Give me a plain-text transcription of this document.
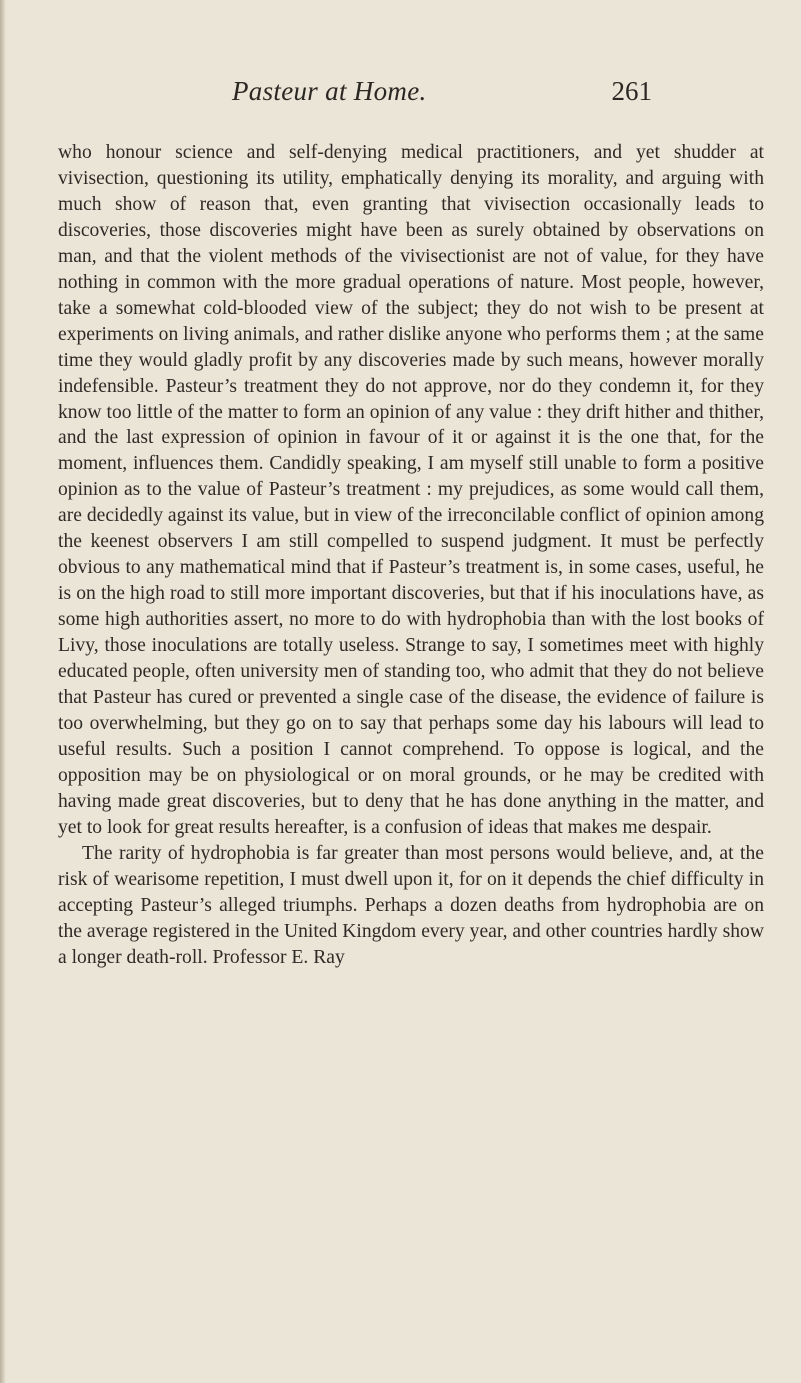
Pasteur at Home.	261

who honour science and self-denying medical practitioners, and yet shudder at vivisection, questioning its utility, emphatically denying its morality, and arguing with much show of reason that, even granting that vivisection occasionally leads to discoveries, those discoveries might have been as surely obtained by observations on man, and that the violent methods of the vivisectionist are not of value, for they have nothing in common with the more gradual operations of nature. Most people, however, take a somewhat cold-blooded view of the subject; they do not wish to be present at experiments on living animals, and rather dislike anyone who performs them ; at the same time they would gladly profit by any discoveries made by such means, however morally indefensible. Pasteur’s treatment they do not approve, nor do they condemn it, for they know too little of the matter to form an opinion of any value : they drift hither and thither, and the last expression of opinion in favour of it or against it is the one that, for the moment, influences them. Candidly speaking, I am myself still unable to form a positive opinion as to the value of Pasteur’s treatment : my prejudices, as some would call them, are decidedly against its value, but in view of the irreconcilable conflict of opinion among the keenest observers I am still compelled to suspend judgment. It must be perfectly obvious to any mathematical mind that if Pasteur’s treatment is, in some cases, useful, he is on the high road to still more important discoveries, but that if his inoculations have, as some high authorities assert, no more to do with hydrophobia than with the lost books of Livy, those inoculations are totally useless. Strange to say, I sometimes meet with highly educated people, often university men of standing too, who admit that they do not believe that Pasteur has cured or prevented a single case of the disease, the evidence of failure is too overwhelming, but they go on to say that perhaps some day his labours will lead to useful results. Such a position I cannot comprehend. To oppose is logical, and the opposition may be on physiological or on moral grounds, or he may be credited with having made great discoveries, but to deny that he has done anything in the matter, and yet to look for great results hereafter, is a confusion of ideas that makes me despair.

The rarity of hydrophobia is far greater than most persons would believe, and, at the risk of wearisome repetition, I must dwell upon it, for on it depends the chief difficulty in accepting Pasteur’s alleged triumphs. Perhaps a dozen deaths from hydrophobia are on the average registered in the United Kingdom every year, and other countries hardly show a longer death-roll. Professor E. Ray
